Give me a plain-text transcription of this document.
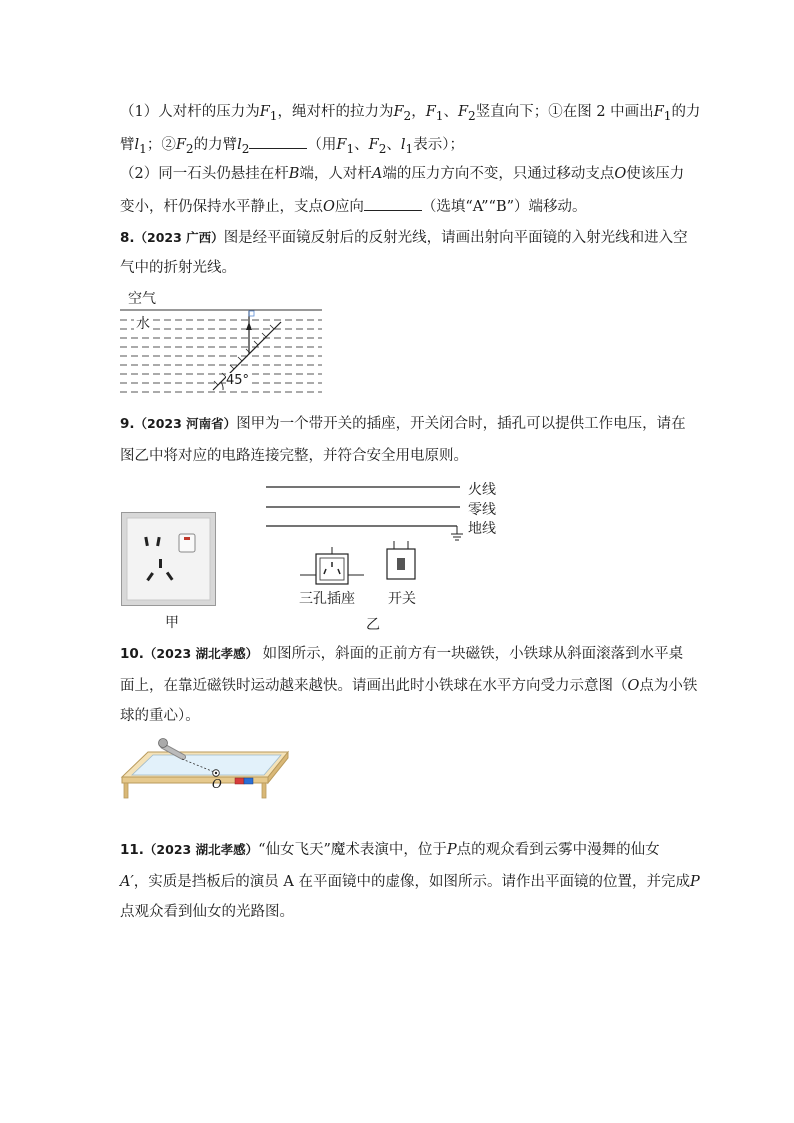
（1）人对杆的压力为$F_1$，绳对杆的拉力为$F_2$，$F_1$、$F_2$竖直向下；①在图 2 中画出$F_1$的力
臂$l_1$；$②F_2$的力臂$l_2$	（用$F_1$、$F_2$、$l_1$表示）；
（2）同一石头仍悬挂在杆B端，人对杆A端的压力方向不变，只通过移动支点O使该压力
变小，杆仍保持水平静止，支点O应向	（选填“A”“B”）端移动。
8.（2023 广西）图是经平面镜反射后的反射光线，请画出射向平面镜的入射光线和进入空
气中的折射光线。
空气
水
45°
9.（2023 河南省）图甲为一个带开关的插座，开关闭合时，插孔可以提供工作电压，请在
图乙中将对应的电路连接完整，并符合安全用电原则。
甲
火线
零线
地线
三孔插座 开关
乙
10.（2023 湖北孝感） 如图所示，斜面的正前方有一块磁铁，小铁球从斜面滚落到水平桌
面上，在靠近磁铁时运动越来越快。请画出此时小铁球在水平方向受力示意图（O点为小铁
球的重心）。
O
11.（2023 湖北孝感）“仙女飞天”魔术表演中，位于P点的观众看到云雾中漫舞的仙女
A′，实质是挡板后的演员 A 在平面镜中的虚像，如图所示。请作出平面镜的位置，并完成P
点观众看到仙女的光路图。
